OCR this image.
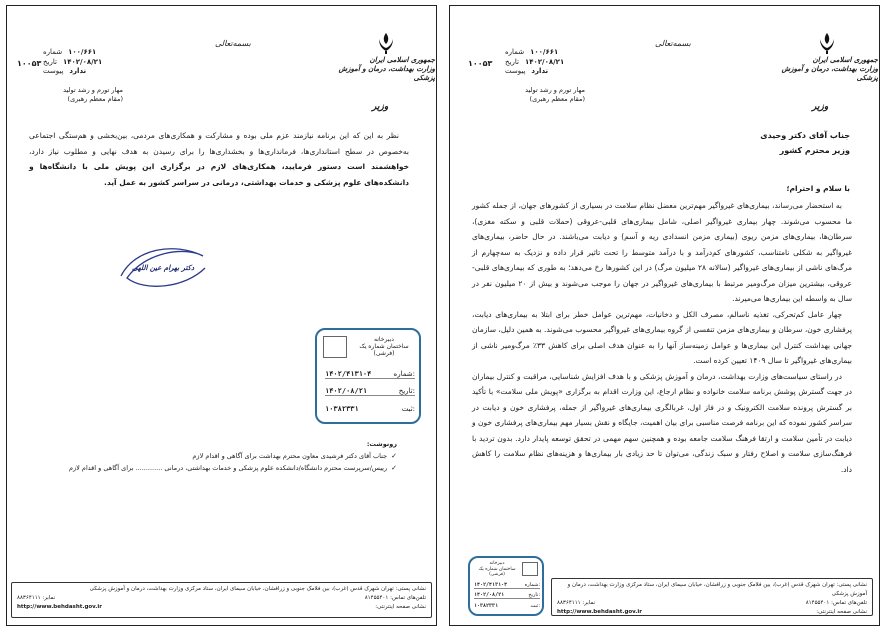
بسمه‌تعالی
جمهوری اسلامی ایران
وزارت بهداشت، درمان و آموزش پزشکی
وزیر
۱۰۰/۶۶۱
شماره
۱۴۰۲/۰۸/۲۱
تاریخ
ندارد
پیوست
۱۰۰۵۳
مهار تورم و رشد تولید
(مقام معظم رهبری)
جناب آقای دکتر وحیدی
وزیر محترم کشور
با سلام و احترام؛

به استحضار می‌رساند، بیماری‌های غیرواگیر مهم‌ترین معضل نظام سلامت در بسیاری از کشورهای جهان، از جمله کشور ما محسوب می‌شوند. چهار بیماری غیرواگیر اصلی، شامل بیماری‌های قلبی-عروقی (حملات قلبی و سکته مغزی)، سرطان‌ها، بیماری‌های مزمن ریوی (بیماری مزمن انسدادی ریه و آسم) و دیابت می‌باشند. در حال حاضر، بیماری‌های غیرواگیر به شکلی نامتناسب، کشورهای کم‌درآمد و با درآمد متوسط را تحت تاثیر قرار داده و نزدیک به سه‌چهارم از مرگ‌های ناشی از بیماری‌های غیرواگیر (سالانه ۲۸ میلیون مرگ) در این کشورها رخ می‌دهد؛ به طوری که بیماری‌های قلبی-عروقی، بیشترین میزان مرگ‌ومیر مرتبط با بیماری‌های غیرواگیر در جهان را موجب می‌شوند و بیش از ۲۰ میلیون نفر در سال به واسطه این بیماری‌ها می‌میرند.

چهار عامل کم‌تحرکی، تغذیه ناسالم، مصرف الکل و دخانیات، مهم‌ترین عوامل خطر برای ابتلا به بیماری‌های دیابت، پرفشاری خون، سرطان و بیماری‌های مزمن تنفسی از گروه بیماری‌های غیرواگیر محسوب می‌شوند. به همین دلیل، سازمان جهانی بهداشت کنترل این بیماری‌ها و عوامل زمینه‌ساز آنها را به عنوان هدف اصلی برای کاهش ۳۳٪ مرگ‌ومیر ناشی از بیماری‌های غیرواگیر تا سال ۱۴۰۹ تعیین کرده است.

در راستای سیاست‌های وزارت بهداشت، درمان و آموزش پزشکی و با هدف افزایش شناسایی، مراقبت و کنترل بیماران در جهت گسترش پوشش برنامه سلامت خانواده و نظام ارجاع، این وزارت اقدام به برگزاری «پویش ملی سلامت» با تأکید بر گسترش پرونده سلامت الکترونیک و در فاز اول، غربالگری بیماری‌های غیرواگیر از جمله، پرفشاری خون و دیابت در سراسر کشور نموده که این برنامه فرصت مناسبی برای بیان اهمیت، جایگاه و نقش بسیار مهم بیماری‌های پرفشاری خون و دیابت در تأمین سلامت و ارتقا فرهنگ سلامت جامعه بوده و همچنین سهم مهمی در تحقق توسعه پایدار دارد. بدون تردید با فرهنگ‌سازی سلامت و اصلاح رفتار و سبک زندگی، می‌توان تا حد زیادی بار بیماری‌ها و هزینه‌های نظام سلامت را کاهش داد.

دبیرخانه
ساختمان شماره یک
(فرشی)
۱۴۰۲/۴۱۳۱۰۴	شماره:
۱۴۰۲/۰۸/۲۱	تاریخ:
۱۰۳۸۲۳۳۱	ثبت:
نشانی پستی: تهران شهرک قدس (غرب)، بین فلامک جنوبی و زرافشان، خیابان سیمای ایران، ستاد مرکزی وزارت بهداشت، درمان و آموزش پزشکی
تلفن‌های تماس: ۸۱۴۵۵۴۰۱
نمابر: ۸۸۳۶۴۱۱۱
نشانی صفحه اینترنتی:
http://www.behdasht.gov.ir
بسمه‌تعالی
جمهوری اسلامی ایران
وزارت بهداشت، درمان و آموزش پزشکی
وزیر
۱۰۰/۶۶۱
شماره
۱۴۰۲/۰۸/۲۱
تاریخ
ندارد
پیوست
۱۰۰۵۳
مهار تورم و رشد تولید
(مقام معظم رهبری)

نظر به این که این برنامه نیازمند عزم ملی بوده و مشارکت و همکاری‌های مردمی، بین‌بخشی و هم‌ستگی اجتماعی به‌خصوص در سطح استانداری‌ها، فرمانداری‌ها و بخشداری‌ها را برای رسیدن به هدف نهایی و مطلوب نیاز دارد، خواهشمند است دستور فرمایید، همکاری‌های لازم در برگزاری این پویش ملی با دانشگاه‌ها و دانشکده‌های علوم پزشکی و خدمات بهداشتی، درمانی در سراسر کشور به عمل آید.

دکتر بهرام عین اللهی
دبیرخانه
ساختمان شماره یک
(فرشی)
۱۴۰۲/۴۱۳۱۰۴	شماره:
۱۴۰۲/۰۸/۲۱	تاریخ:
۱۰۳۸۲۳۳۱	ثبت:
رونوشت:
✓
جناب آقای دکتر فرشیدی معاون محترم بهداشت برای آگاهی و اقدام لازم
✓
رییس/سرپرست محترم دانشگاه/دانشکده علوم پزشکی و خدمات بهداشتی، درمانی ............. برای آگاهی و اقدام لازم
نشانی پستی: تهران شهرک قدس (غرب)، بین فلامک جنوبی و زرافشان، خیابان سیمای ایران، ستاد مرکزی وزارت بهداشت، درمان و آموزش پزشکی
تلفن‌های تماس: ۸۱۴۵۵۴۰۱
نمابر: ۸۸۳۶۴۱۱۱
نشانی صفحه اینترنتی:
http://www.behdasht.gov.ir
